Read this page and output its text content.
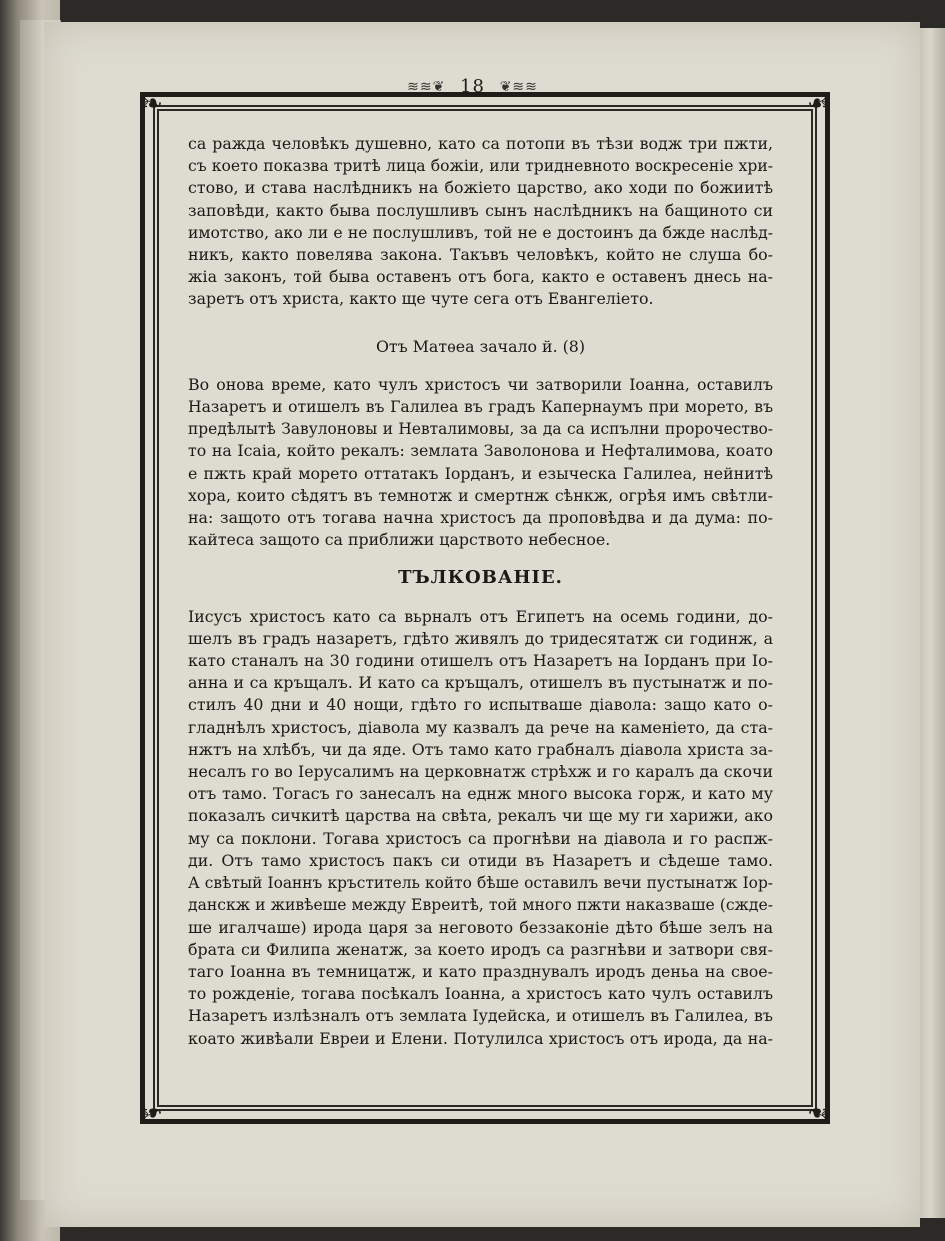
≋≋❦ 18 ❦≋≋
❧	❧
❧	❧

са ражда человѣкъ душевно, като са потопи въ тѣзи водж три пжти,
съ което показва тритѣ лица божіи, или тридневното воскресеніе хри-
стово, и става наслѣдникъ на божіето царство, ако ходи по божиитѣ
заповѣди, както бывa послушливъ сынъ наслѣдникъ на бащиното си
имотство, ако ли е не послушливъ, той не е достоинъ да бжде наслѣд-
никъ, както повелява закона. Такъвъ человѣкъ, който не слуша бо-
жіа законъ, той бывa оставенъ отъ бога, както е оставенъ днесь на-
заретъ отъ христа, както ще чуте сега отъ Евангеліето.

Отъ Матѳеа зачало й. (8)

Во онова време, като чулъ христосъ чи затворили Іоанна, оставилъ
Назаретъ и отишелъ въ Галилеа въ градъ Капернаумъ при морето, въ
предѣлытѣ Завулоновы и Невталимовы, за да са испълни пророчество-
то на Ісаіа, който рекалъ: землата Заволонова и Нефталимова, коато
е пжть край морето оттатакъ Іорданъ, и езыческа Галилеа, нейнитѣ
хора, които сѣдятъ въ темнотж и смертнж сѣнкж, огрѣя имъ свѣтли-
на: защото отъ тогава начна христосъ да проповѣдва и да дума: по-
кайтеса защото са приближи царството небесное.

ТЪЛКОВАНІЕ.

Іисусъ христосъ като са вьрналъ отъ Египетъ на осемь години, до-
шелъ въ градъ назаретъ, гдѣто живялъ до тридесятатж си годинж, а
като станалъ на 30 години отишелъ отъ Назаретъ на Іорданъ при Іо-
анна и са кръщалъ. И като са кръщалъ, отишелъ въ пустынатж и по-
стилъ 40 дни и 40 нощи, гдѣто го испытваше діавола: защо като о-
гладнѣлъ христосъ, діавола му казвалъ да рече на каменіето, да ста-
нжтъ на хлѣбъ, чи да яде. Отъ тамо като грабналъ діавола христа за-
несалъ го во Іерусалимъ на церковнатж стрѣхж и го каралъ да скочи
отъ тамо. Тогасъ го занесалъ на еднж много высока горж, и като му
показалъ сичкитѣ царства на свѣта, рекалъ чи ще му ги харижи, ако
му са поклони. Тогава христосъ са прогнѣви на діавола и го распж-
ди. Отъ тамо христосъ пакъ си отиди въ Назаретъ и сѣдеше тамо.
А свѣтый Іоаннъ кръститель който бѣше оставилъ вечи пустынатж Іор-
данскж и живѣеше между Евреитѣ, той много пжти наказваше (сжде-
ше игалчаше) ирода царя за неговото беззаконіе дѣто бѣше зелъ на
брата си Филипа женатж, за което иродъ са разгнѣви и затвори свя-
таго Іоанна въ темницатж, и като празднувалъ иродъ деньа на свое-
то рожденіе, тогава посѣкалъ Іоанна, а христосъ като чулъ оставилъ
Назаретъ излѣзналъ отъ землата Іудейска, и отишелъ въ Галилеа, въ
коато живѣали Евреи и Елени. Потулилса христосъ отъ ирода, да на-
